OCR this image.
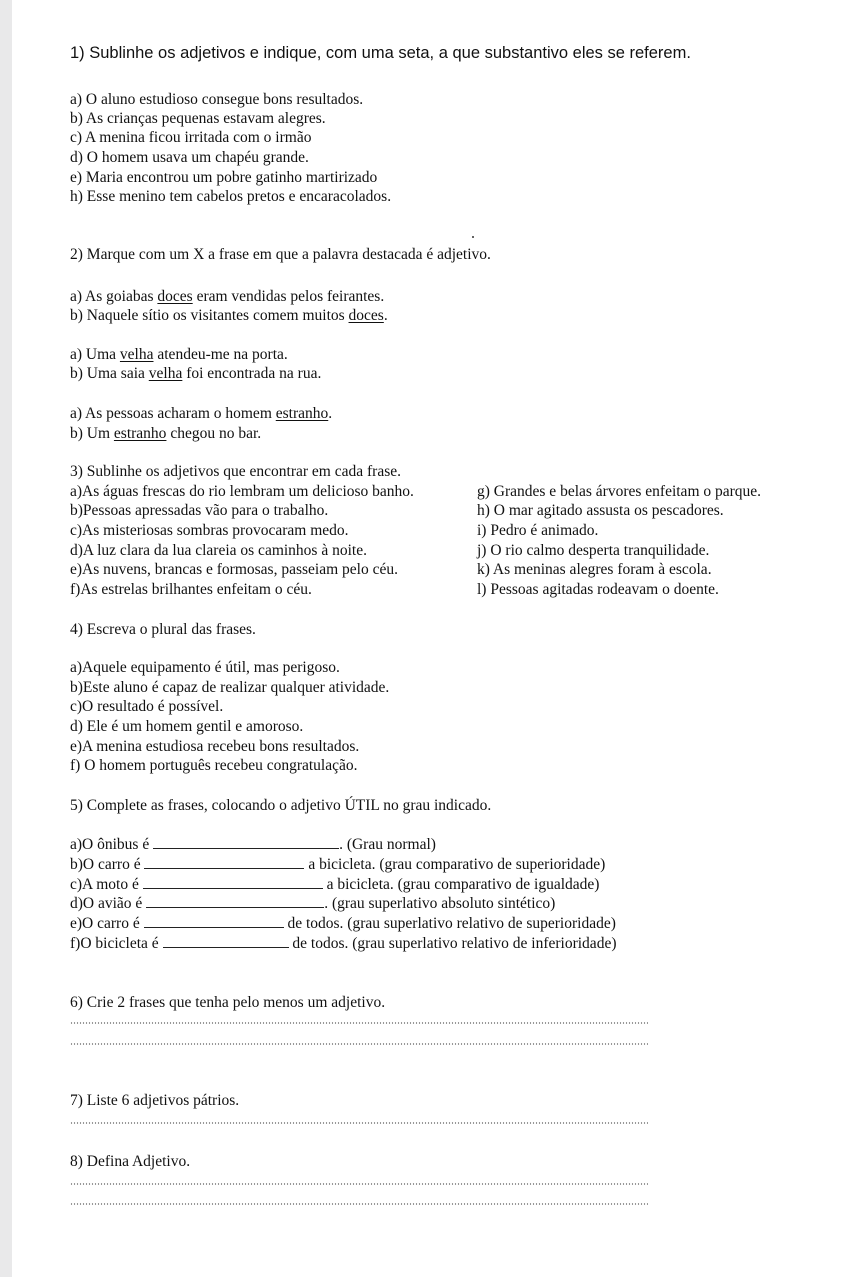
1) Sublinhe os adjetivos e indique, com uma seta, a que substantivo eles se referem.
a) O aluno estudioso consegue bons resultados.
b) As crianças pequenas estavam alegres.
c) A menina ficou irritada com o irmão
d) O homem usava um chapéu grande.
e) Maria encontrou um pobre gatinho martirizado
h) Esse menino tem cabelos pretos e encaracolados.
2) Marque com um X a frase em que a palavra destacada é adjetivo.
a) As goiabas doces eram vendidas pelos feirantes.
b) Naquele sítio os visitantes comem muitos doces.
a) Uma velha atendeu-me na porta.
b) Uma saia velha foi encontrada na rua.
a) As pessoas acharam o homem estranho.
b) Um estranho chegou no bar.
3) Sublinhe os adjetivos que encontrar em cada frase.
a)As águas frescas do rio lembram um delicioso banho.
b)Pessoas apressadas vão para o trabalho.
c)As misteriosas sombras provocaram medo.
d)A luz clara da lua clareia os caminhos à noite.
e)As nuvens, brancas e formosas, passeiam pelo céu.
f)As estrelas brilhantes enfeitam o céu.
g) Grandes e belas árvores enfeitam o parque.
h) O mar agitado assusta os pescadores.
i) Pedro é animado.
j) O rio calmo desperta tranquilidade.
k) As meninas alegres foram à escola.
l) Pessoas agitadas rodeavam o doente.
4) Escreva o plural das frases.
a)Aquele equipamento é útil, mas perigoso.
b)Este aluno é capaz de realizar qualquer atividade.
c)O resultado é possível.
d) Ele é um homem gentil e amoroso.
e)A menina estudiosa recebeu bons resultados.
f) O homem português recebeu congratulação.
5) Complete as frases, colocando o adjetivo ÚTIL no grau indicado.
a)O ônibus é	. (Grau normal)
b)O carro é	a bicicleta. (grau comparativo de superioridade)
c)A moto é	a bicicleta. (grau comparativo de igualdade)
d)O avião é	. (grau superlativo absoluto sintético)
e)O carro é	de todos. (grau superlativo relativo de superioridade)
f)O bicicleta é	de todos. (grau superlativo relativo de inferioridade)
6) Crie 2 frases que tenha pelo menos um adjetivo.
7) Liste 6 adjetivos pátrios.
8) Defina Adjetivo.
